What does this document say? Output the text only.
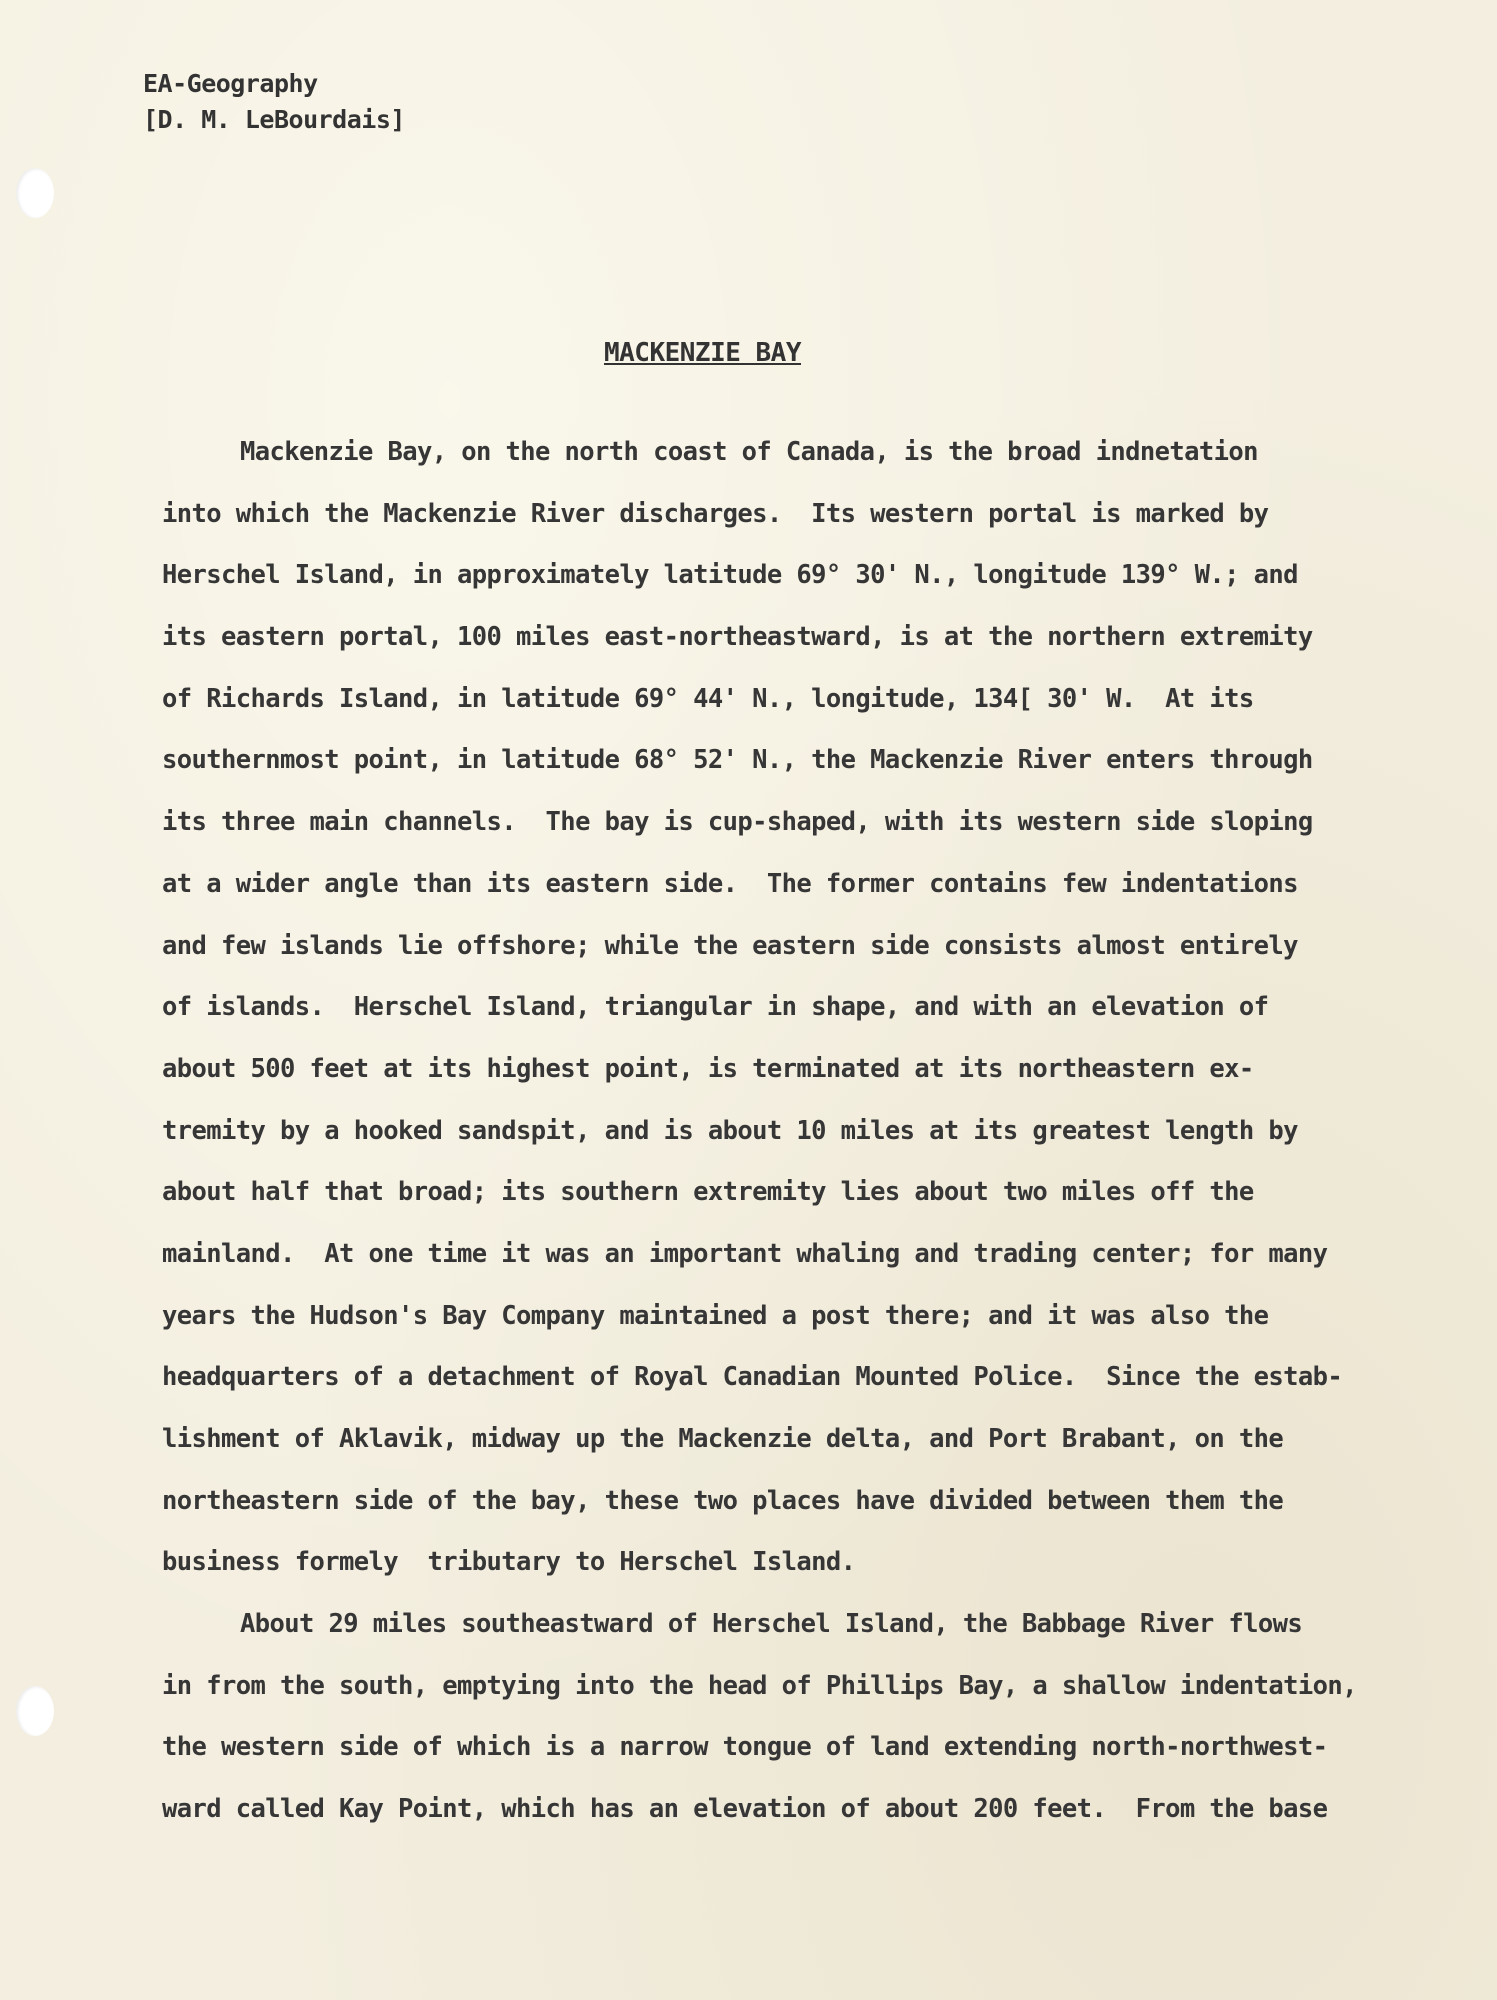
EA-Geography
[D. M. LeBourdais]
MACKENZIE BAY
Mackenzie Bay, on the north coast of Canada, is the broad indnetation
into which the Mackenzie River discharges.  Its western portal is marked by
Herschel Island, in approximately latitude 69° 30' N., longitude 139° W.; and
its eastern portal, 100 miles east-northeastward, is at the northern extremity
of Richards Island, in latitude 69° 44' N., longitude, 134[ 30' W.  At its
southernmost point, in latitude 68° 52' N., the Mackenzie River enters through
its three main channels.  The bay is cup-shaped, with its western side sloping
at a wider angle than its eastern side.  The former contains few indentations
and few islands lie offshore; while the eastern side consists almost entirely
of islands.  Herschel Island, triangular in shape, and with an elevation of
about 500 feet at its highest point, is terminated at its northeastern ex-
tremity by a hooked sandspit, and is about 10 miles at its greatest length by
about half that broad; its southern extremity lies about two miles off the
mainland.  At one time it was an important whaling and trading center; for many
years the Hudson's Bay Company maintained a post there; and it was also the
headquarters of a detachment of Royal Canadian Mounted Police.  Since the estab-
lishment of Aklavik, midway up the Mackenzie delta, and Port Brabant, on the
northeastern side of the bay, these two places have divided between them the
business formely  tributary to Herschel Island.
About 29 miles southeastward of Herschel Island, the Babbage River flows
in from the south, emptying into the head of Phillips Bay, a shallow indentation,
the western side of which is a narrow tongue of land extending north-northwest-
ward called Kay Point, which has an elevation of about 200 feet.  From the base
